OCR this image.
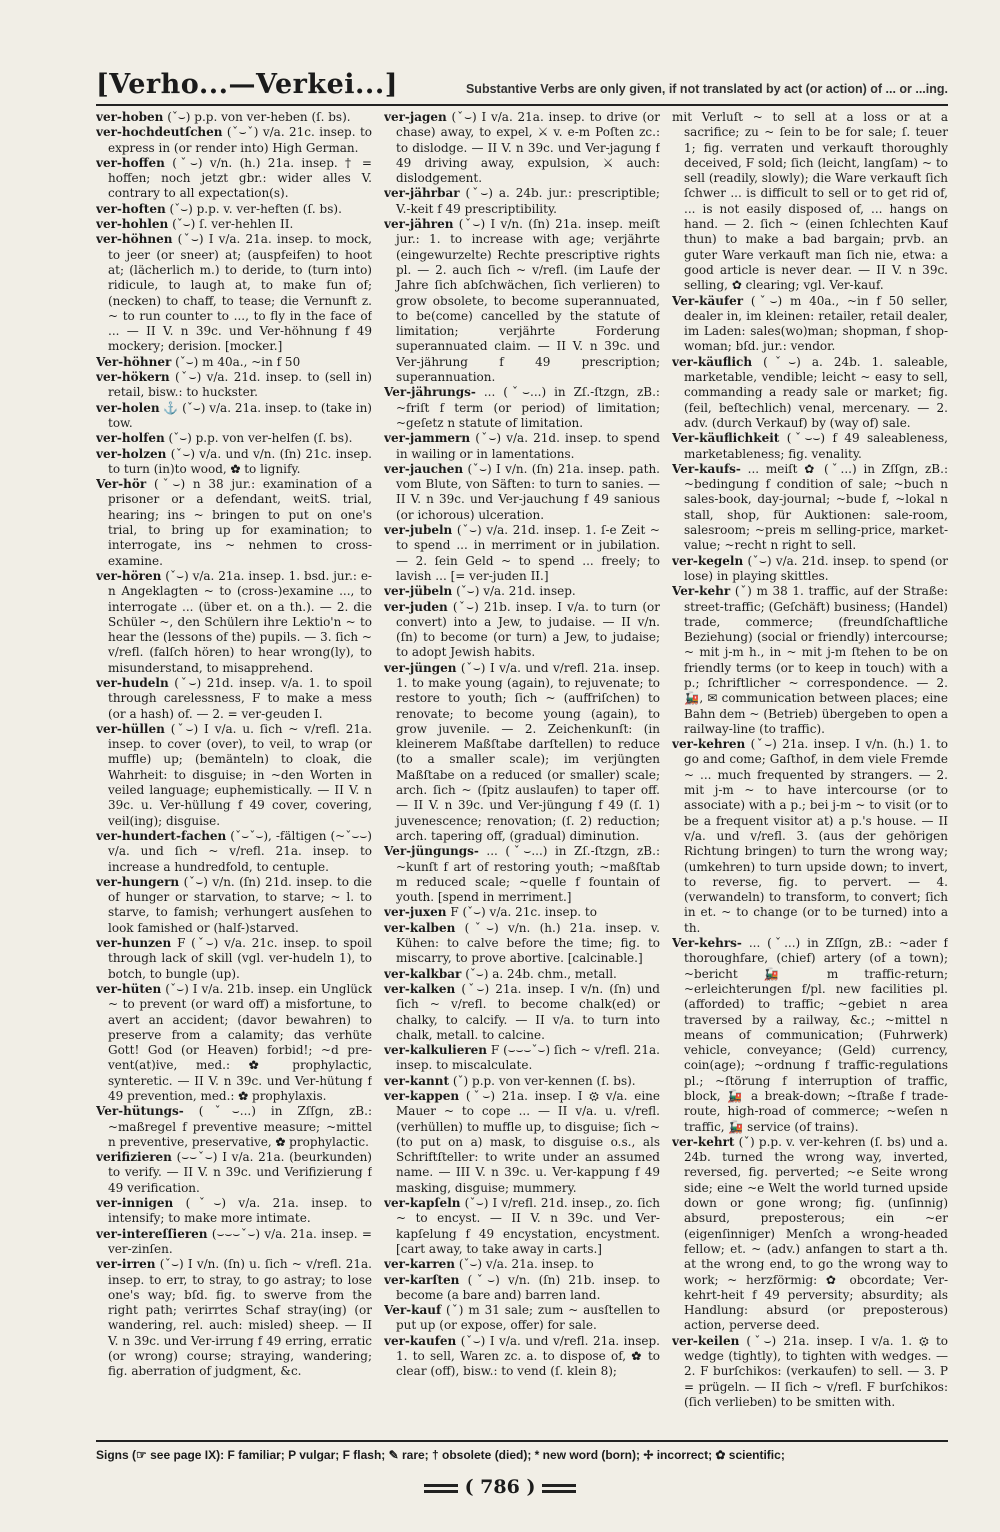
[Verho...—Verkei...]	Substantive Verbs are only given, if not translated by act (or action) of ... or ...ing.

ver-hoben (ˇ⌣) p.p. von ver-heben (ſ. bs).

ver-hochdeutſchen (ˇ⌣ˇ) v/a. 21c. insep. to express in (or render into) High German.

ver-hoffen (ˇ⌣) v/n. (h.) 21a. insep. † = hoffen; noch jetzt gbr.: wider alles V. contrary to all expectation(s).

ver-hoften (ˇ⌣) p.p. v. ver-heften (ſ. bs).

ver-hohlen (ˇ⌣) ſ. ver-hehlen II.

ver-höhnen (ˇ⌣) I v/a. 21a. insep. to mock, to jeer (or sneer) at; (auspfeifen) to hoot at; (lächerlich m.) to deride, to (turn into) ridicule, to laugh at, to make fun of; (necken) to chaff, to tease; die Vernunft z. ~ to run counter to ..., to fly in the face of ... — II V. n 39c. und Ver-höhnung f 49 mockery; derision. [mocker.]

Ver-höhner (ˇ⌣) m 40a., ~in f 50

ver-hökern (ˇ⌣) v/a. 21d. insep. to (sell in) retail, bisw.: to huckster.

ver-holen ⚓ (ˇ⌣) v/a. 21a. insep. to (take in) tow.

ver-holfen (ˇ⌣) p.p. von ver-helfen (ſ. bs).

ver-holzen (ˇ⌣) v/a. und v/n. (ſn) 21c. insep. to turn (in)to wood, ✿ to lignify.

Ver-hör (ˇ⌣) n 38 jur.: examination of a prisoner or a defendant, weitS. trial, hearing; ins ~ bringen to put on one's trial, to bring up for examination; to interrogate, ins ~ nehmen to cross-examine.

ver-hören (ˇ⌣) v/a. 21a. insep. 1. bsd. jur.: e-n Angeklagten ~ to (cross-)examine ..., to interrogate ... (über et. on a th.). — 2. die Schüler ~, den Schülern ihre Lektio'n ~ to hear the (lessons of the) pupils. — 3. ſich ~ v/refl. (falſch hören) to hear wrong(ly), to misunderstand, to misapprehend.

ver-hudeln (ˇ⌣) 21d. insep. v/a. 1. to spoil through carelessness, F to make a mess (or a hash) of. — 2. = ver-geuden I.

ver-hüllen (ˇ⌣) I v/a. u. ſich ~ v/refl. 21a. insep. to cover (over), to veil, to wrap (or muffle) up; (bemänteln) to cloak, die Wahrheit: to disguise; in ~den Worten in veiled language; euphemistically. — II V. n 39c. u. Ver-hüllung f 49 cover, covering, veil(ing); disguise.

ver-hundert-fachen (ˇ⌣ˇ⌣), -fältigen (~ˇ⌣⌣) v/a. und ſich ~ v/refl. 21a. insep. to increase a hundredfold, to centuple.

ver-hungern (ˇ⌣) v/n. (ſn) 21d. insep. to die of hunger or starvation, to starve; ~ l. to starve, to famish; verhungert ausſehen to look famished or (half-)starved.

ver-hunzen F (ˇ⌣) v/a. 21c. insep. to spoil through lack of skill (vgl. ver-hudeln 1), to botch, to bungle (up).

ver-hüten (ˇ⌣) I v/a. 21b. insep. ein Unglück ~ to prevent (or ward off) a misfortune, to avert an accident; (davor bewahren) to preserve from a calamity; das verhüte Gott! God (or Heaven) forbid!; ~d pre-vent(at)ive, med.: ✿ prophylactic, synteretic. — II V. n 39c. und Ver-hütung f 49 prevention, med.: ✿ prophylaxis.

Ver-hütungs- (ˇ⌣...) in Zſſgn, zB.: ~maßregel f preventive measure; ~mittel n preventive, preservative, ✿ prophylactic.

verifizieren (⌣⌣ˇ⌣) I v/a. 21a. (beurkunden) to verify. — II V. n 39c. und Verifizierung f 49 verification.

ver-innigen (ˇ⌣) v/a. 21a. insep. to intensify; to make more intimate.

ver-intereſſieren (⌣⌣⌣ˇ⌣) v/a. 21a. insep. = ver-zinſen.

ver-irren (ˇ⌣) I v/n. (ſn) u. ſich ~ v/refl. 21a. insep. to err, to stray, to go astray; to lose one's way; bſd. fig. to swerve from the right path; verirrtes Schaf stray(ing) (or wandering, rel. auch: misled) sheep. — II V. n 39c. und Ver-irrung f 49 erring, erratic (or wrong) course; straying, wandering; fig. aberration of judgment, &c.

ver-jagen (ˇ⌣) I v/a. 21a. insep. to drive (or chase) away, to expel, ⚔ v. e-m Poſten zc.: to dislodge. — II V. n 39c. und Ver-jagung f 49 driving away, expulsion, ⚔ auch: dislodgement.

ver-jährbar (ˇ⌣) a. 24b. jur.: prescriptible; V.-keit f 49 prescriptibility.

ver-jähren (ˇ⌣) I v/n. (ſn) 21a. insep. meiſt jur.: 1. to increase with age; verjährte (eingewurzelte) Rechte prescriptive rights pl. — 2. auch ſich ~ v/refl. (im Laufe der Jahre ſich abſchwächen, ſich verlieren) to grow obsolete, to become superannuated, to be(come) cancelled by the statute of limitation; verjährte Forderung superannuated claim. — II V. n 39c. und Ver-jährung f 49 prescription; superannuation.

Ver-jährungs- ... (ˇ⌣...) in Zſ.-ſtzgn, zB.: ~friſt f term (or period) of limitation; ~geſetz n statute of limitation.

ver-jammern (ˇ⌣) v/a. 21d. insep. to spend in wailing or in lamentations.

ver-jauchen (ˇ⌣) I v/n. (ſn) 21a. insep. path. vom Blute, von Säften: to turn to sanies. — II V. n 39c. und Ver-jauchung f 49 sanious (or ichorous) ulceration.

ver-jubeln (ˇ⌣) v/a. 21d. insep. 1. ſ-e Zeit ~ to spend ... in merriment or in jubilation. — 2. ſein Geld ~ to spend ... freely; to lavish ... [= ver-juden II.]

ver-jübeln (ˇ⌣) v/a. 21d. insep.

ver-juden (ˇ⌣) 21b. insep. I v/a. to turn (or convert) into a Jew, to judaise. — II v/n. (ſn) to become (or turn) a Jew, to judaise; to adopt Jewish habits.

ver-jüngen (ˇ⌣) I v/a. und v/refl. 21a. insep. 1. to make young (again), to rejuvenate; to restore to youth; ſich ~ (auffriſchen) to renovate; to become young (again), to grow juvenile. — 2. Zeichenkunſt: (in kleinerem Maßſtabe darſtellen) to reduce (to a smaller scale); im verjüngten Maßſtabe on a reduced (or smaller) scale; arch. ſich ~ (ſpitz auslaufen) to taper off. — II V. n 39c. und Ver-jüngung f 49 (ſ. 1) juvenescence; renovation; (ſ. 2) reduction; arch. tapering off, (gradual) diminution.

Ver-jüngungs- ... (ˇ⌣...) in Zſ.-ſtzgn, zB.: ~kunſt f art of restoring youth; ~maßſtab m reduced scale; ~quelle f fountain of youth. [spend in merriment.]

ver-juxen F (ˇ⌣) v/a. 21c. insep. to

ver-kalben (ˇ⌣) v/n. (h.) 21a. insep. v. Kühen: to calve before the time; fig. to miscarry, to prove abortive. [calcinable.]

ver-kalkbar (ˇ⌣) a. 24b. chm., metall.

ver-kalken (ˇ⌣) 21a. insep. I v/n. (ſn) und ſich ~ v/refl. to become chalk(ed) or chalky, to calcify. — II v/a. to turn into chalk, metall. to calcine.

ver-kalkulieren F (⌣⌣⌣ˇ⌣) ſich ~ v/refl. 21a. insep. to miscalculate.

ver-kannt (ˇ) p.p. von ver-kennen (ſ. bs).

ver-kappen (ˇ⌣) 21a. insep. I ⚙ v/a. eine Mauer ~ to cope ... — II v/a. u. v/refl. (verhüllen) to muffle up, to disguise; ſich ~ (to put on a) mask, to disguise o.s., als Schriftſteller: to write under an assumed name. — III V. n 39c. u. Ver-kappung f 49 masking, disguise; mummery.

ver-kapſeln (ˇ⌣) I v/refl. 21d. insep., zo. ſich ~ to encyst. — II V. n 39c. und Ver-kapſelung f 49 encystation, encystment. [cart away, to take away in carts.]

ver-karren (ˇ⌣) v/a. 21a. insep. to

ver-karſten (ˇ⌣) v/n. (ſn) 21b. insep. to become (a bare and) barren land.

Ver-kauf (ˇ) m 31 sale; zum ~ ausſtellen to put up (or expose, offer) for sale.

ver-kaufen (ˇ⌣) I v/a. und v/refl. 21a. insep. 1. to sell, Waren zc. a. to dispose of, ✿ to clear (off), bisw.: to vend (ſ. klein 8);

mit Verluſt ~ to sell at a loss or at a sacrifice; zu ~ ſein to be for sale; ſ. teuer 1; fig. verraten und verkauft thoroughly deceived, F sold; ſich (leicht, langſam) ~ to sell (readily, slowly); die Ware verkauft ſich ſchwer ... is difficult to sell or to get rid of, ... is not easily disposed of, ... hangs on hand. — 2. ſich ~ (einen ſchlechten Kauf thun) to make a bad bargain; prvb. an guter Ware verkauft man ſich nie, etwa: a good article is never dear. — II V. n 39c. selling, ✿ clearing; vgl. Ver-kauf.

Ver-käufer (ˇ⌣) m 40a., ~in f 50 seller, dealer in, im kleinen: retailer, retail dealer, im Laden: sales(wo)man; shopman, f shop-woman; bſd. jur.: vendor.

ver-käuflich (ˇ⌣) a. 24b. 1. saleable, marketable, vendible; leicht ~ easy to sell, commanding a ready sale or market; fig. (feil, beſtechlich) venal, mercenary. — 2. adv. (durch Verkauf) by (way of) sale.

Ver-käuflichkeit (ˇ⌣⌣) f 49 saleableness, marketableness; fig. venality.

Ver-kaufs- ... meiſt ✿ (ˇ...) in Zſſgn, zB.: ~bedingung f condition of sale; ~buch n sales-book, day-journal; ~bude f, ~lokal n stall, shop, für Auktionen: sale-room, salesroom; ~preis m selling-price, market-value; ~recht n right to sell.

ver-kegeln (ˇ⌣) v/a. 21d. insep. to spend (or lose) in playing skittles.

Ver-kehr (ˇ) m 38 1. traffic, auf der Straße: street-traffic; (Geſchäft) business; (Handel) trade, commerce; (freundſchaftliche Beziehung) (social or friendly) intercourse; ~ mit j-m h., in ~ mit j-m ſtehen to be on friendly terms (or to keep in touch) with a p.; ſchriftlicher ~ correspondence. — 2. 🚂, ✉ communication between places; eine Bahn dem ~ (Betrieb) übergeben to open a railway-line (to traffic).

ver-kehren (ˇ⌣) 21a. insep. I v/n. (h.) 1. to go and come; Gaſthof, in dem viele Fremde ~ ... much frequented by strangers. — 2. mit j-m ~ to have intercourse (or to associate) with a p.; bei j-m ~ to visit (or to be a frequent visitor at) a p.'s house. — II v/a. und v/refl. 3. (aus der gehörigen Richtung bringen) to turn the wrong way; (umkehren) to turn upside down; to invert, to reverse, fig. to pervert. — 4. (verwandeln) to transform, to convert; ſich in et. ~ to change (or to be turned) into a th.

Ver-kehrs- ... (ˇ...) in Zſſgn, zB.: ~ader f thoroughfare, (chief) artery (of a town); ~bericht 🚂 m traffic-return; ~erleichterungen f/pl. new facilities pl. (afforded) to traffic; ~gebiet n area traversed by a railway, &c.; ~mittel n means of communication; (Fuhrwerk) vehicle, conveyance; (Geld) currency, coin(age); ~ordnung f traffic-regulations pl.; ~ſtörung f interruption of traffic, block, 🚂 a break-down; ~ſtraße f trade-route, high-road of commerce; ~weſen n traffic, 🚂 service (of trains).

ver-kehrt (ˇ) p.p. v. ver-kehren (ſ. bs) und a. 24b. turned the wrong way, inverted, reversed, fig. perverted; ~e Seite wrong side; eine ~e Welt the world turned upside down or gone wrong; fig. (unſinnig) absurd, preposterous; ein ~er (eigenſinniger) Menſch a wrong-headed fellow; et. ~ (adv.) anfangen to start a th. at the wrong end, to go the wrong way to work; ~ herzförmig: ✿ obcordate; Ver-kehrt-heit f 49 perversity; absurdity; als Handlung: absurd (or preposterous) action, perverse deed.

ver-keilen (ˇ⌣) 21a. insep. I v/a. 1. ⚙ to wedge (tightly), to tighten with wedges. — 2. F burſchikos: (verkaufen) to sell. — 3. P = prügeln. — II ſich ~ v/refl. F burſchikos: (ſich verlieben) to be smitten with.

Signs (☞ see page IX): F familiar; P vulgar; F flash; ✎ rare; † obsolete (died); * new word (born); ✢ incorrect; ✿ scientific;
( 786 )
